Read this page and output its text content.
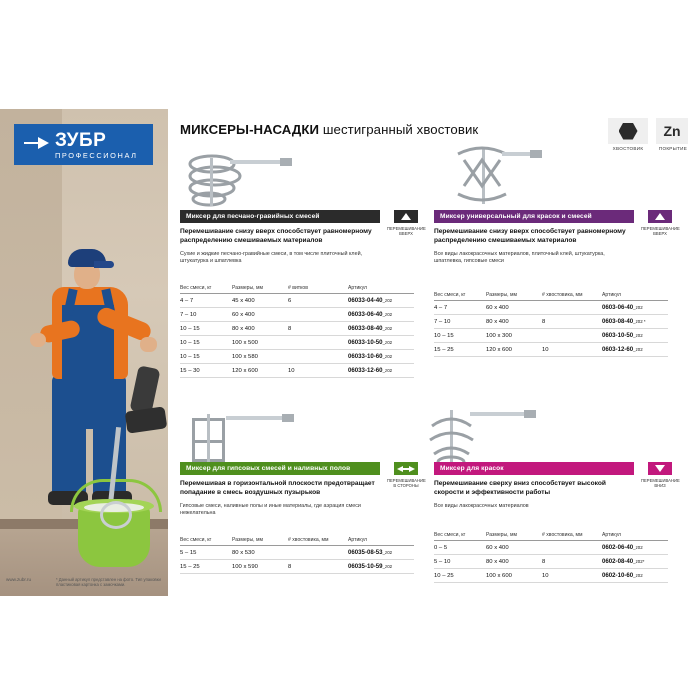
www.zubr.ru	* Данный артикул представлен на фото. Тип упаковки пластиковая картонка с замочками.
ЗУБР
ПРОФЕССИОНАЛ
МИКСЕРЫ-НАСАДКИ шестигранный хвостовик
ХВОСТОВИК
Zn
ПОКРЫТИЕ
Миксер для песчано-гравийных смесей
Перемешивание снизу вверх способствует равномерному распределению смешиваемых материалов
Сухие и жидкие песчано-гравийные смеси, в том числе плиточный клей, штукатурка и шпатлевка
ПЕРЕМЕШИВАНИЕ ВВЕРХ
Вес смеси, кг	Размеры, мм	# витков	Артикул
4 – 7	45 x 400	6	06033-04-40_z02
7 – 10	60 x 400		06033-06-40_z02
10 – 15	80 x 400	8	06033-08-40_z02
10 – 15	100 x 500		06033-10-50_z02
10 – 15	100 x 580		06033-10-60_z02
15 – 30	120 x 600	10	06033-12-60_z02
Миксер универсальный для красок и смесей
Перемешивание снизу вверх способствует равномерному распределению смешиваемых материалов
Все виды лакокрасочных материалов, плиточный клей, штукатурка, шпатлевка, гипсовые смеси
ПЕРЕМЕШИВАНИЕ ВВЕРХ
Вес смеси, кг	Размеры, мм	# хвостовика, мм	Артикул
4 – 7	60 x 400		0603-06-40_z02
7 – 10	80 x 400	8	0603-08-40_z02 *
10 – 15	100 x 300		0603-10-50_z02
15 – 25	120 x 600	10	0603-12-60_z02
Миксер для гипсовых смесей и наливных полов
Перемешивая в горизонтальной плоскости предотвращает попадание в смесь воздушных пузырьков
Гипсовые смеси, наливные полы и иные материалы, где аэрация смеси нежелательна
ПЕРЕМЕШИВАНИЕ В СТОРОНЫ
Вес смеси, кг	Размеры, мм	# хвостовика, мм	Артикул
5 – 15	80 x 530		06035-08-53_z02
15 – 25	100 x 590	8	06035-10-59_z02
Миксер для красок
Перемешивание сверху вниз способствует высокой скорости и эффективности работы
Все виды лакокрасочных материалов
ПЕРЕМЕШИВАНИЕ ВНИЗ
Вес смеси, кг	Размеры, мм	# хвостовика, мм	Артикул
0 – 5	60 x 400		0602-06-40_z02
5 – 10	80 x 400	8	0602-08-40_z02*
10 – 25	100 x 600	10	0602-10-60_z02
